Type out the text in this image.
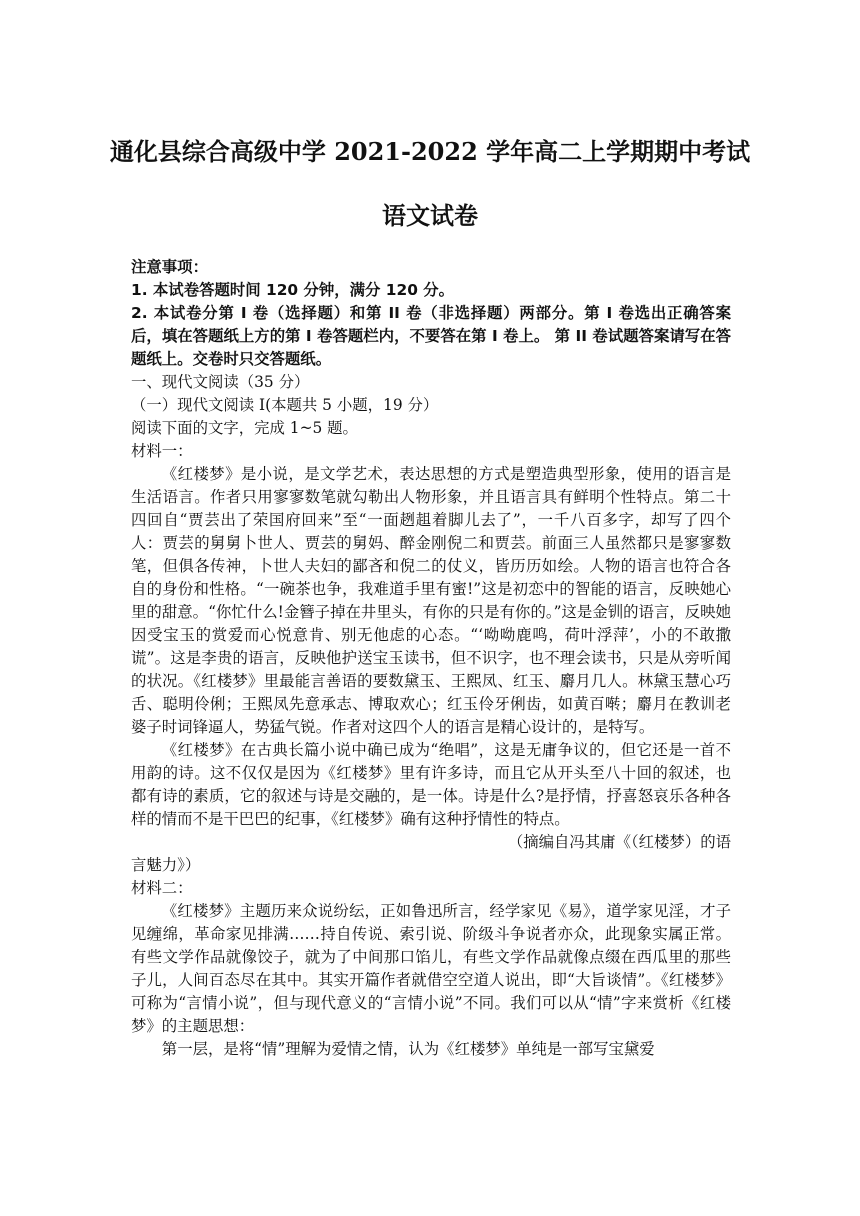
通化县综合高级中学 2021-2022 学年高二上学期期中考试
语文试卷
注意事项：
1. 本试卷答题时间 120 分钟，满分 120 分。
2. 本试卷分第 I 卷（选择题）和第 II 卷（非选择题）两部分。第 I 卷选出正确答案后，填在答题纸上方的第 I 卷答题栏内，不要答在第 I 卷上。 第 II 卷试题答案请写在答题纸上。交卷时只交答题纸。

一、现代文阅读（35 分）

（一）现代文阅读 I(本题共 5 小题，19 分）

阅读下面的文字，完成 1~5 题。

材料一：

《红楼梦》是小说，是文学艺术，表达思想的方式是塑造典型形象，使用的语言是生活语言。作者只用寥寥数笔就勾勒出人物形象，并且语言具有鲜明个性特点。第二十四回自“贾芸出了荣国府回来”至“一面趔趄着脚儿去了”，一千八百多字，却写了四个人：贾芸的舅舅卜世人、贾芸的舅妈、醉金刚倪二和贾芸。前面三人虽然都只是寥寥数笔，但俱各传神，卜世人夫妇的鄙吝和倪二的仗义，皆历历如绘。人物的语言也符合各自的身份和性格。“一碗茶也争，我难道手里有蜜!”这是初恋中的智能的语言，反映她心里的甜意。“你忙什么!金簪子掉在井里头，有你的只是有你的。”这是金钏的语言，反映她因受宝玉的赏爱而心悦意肯、别无他虑的心态。“‘呦呦鹿鸣，荷叶浮萍’，小的不敢撒谎”。这是李贵的语言，反映他护送宝玉读书，但不识字，也不理会读书，只是从旁听闻的状况。《红楼梦》里最能言善语的要数黛玉、王熙凤、红玉、麝月几人。林黛玉慧心巧舌、聪明伶俐；王熙凤先意承志、博取欢心；红玉伶牙俐齿，如黄百啭；麝月在教训老婆子时词锋逼人，势猛气锐。作者对这四个人的语言是精心设计的，是特写。

《红楼梦》在古典长篇小说中确已成为“绝唱”，这是无庸争议的，但它还是一首不用韵的诗。这不仅仅是因为《红楼梦》里有许多诗，而且它从开头至八十回的叙述，也都有诗的素质，它的叙述与诗是交融的，是一体。诗是什么?是抒情，抒喜怒哀乐各种各样的情而不是干巴巴的纪事，《红楼梦》确有这种抒情性的特点。

（摘编自冯其庸《（红楼梦）的语

言魅力》）

材料二：

《红楼梦》主题历来众说纷纭，正如鲁迅所言，经学家见《易》，道学家见淫，才子见缠绵，革命家见排满……持自传说、索引说、阶级斗争说者亦众，此现象实属正常。有些文学作品就像饺子，就为了中间那口馅儿，有些文学作品就像点缀在西瓜里的那些子儿，人间百态尽在其中。其实开篇作者就借空空道人说出，即“大旨谈情”。《红楼梦》可称为“言情小说”，但与现代意义的“言情小说”不同。我们可以从“情”字来赏析《红楼梦》的主题思想：

第一层，是将“情”理解为爱情之情，认为《红楼梦》单纯是一部写宝黛爱
